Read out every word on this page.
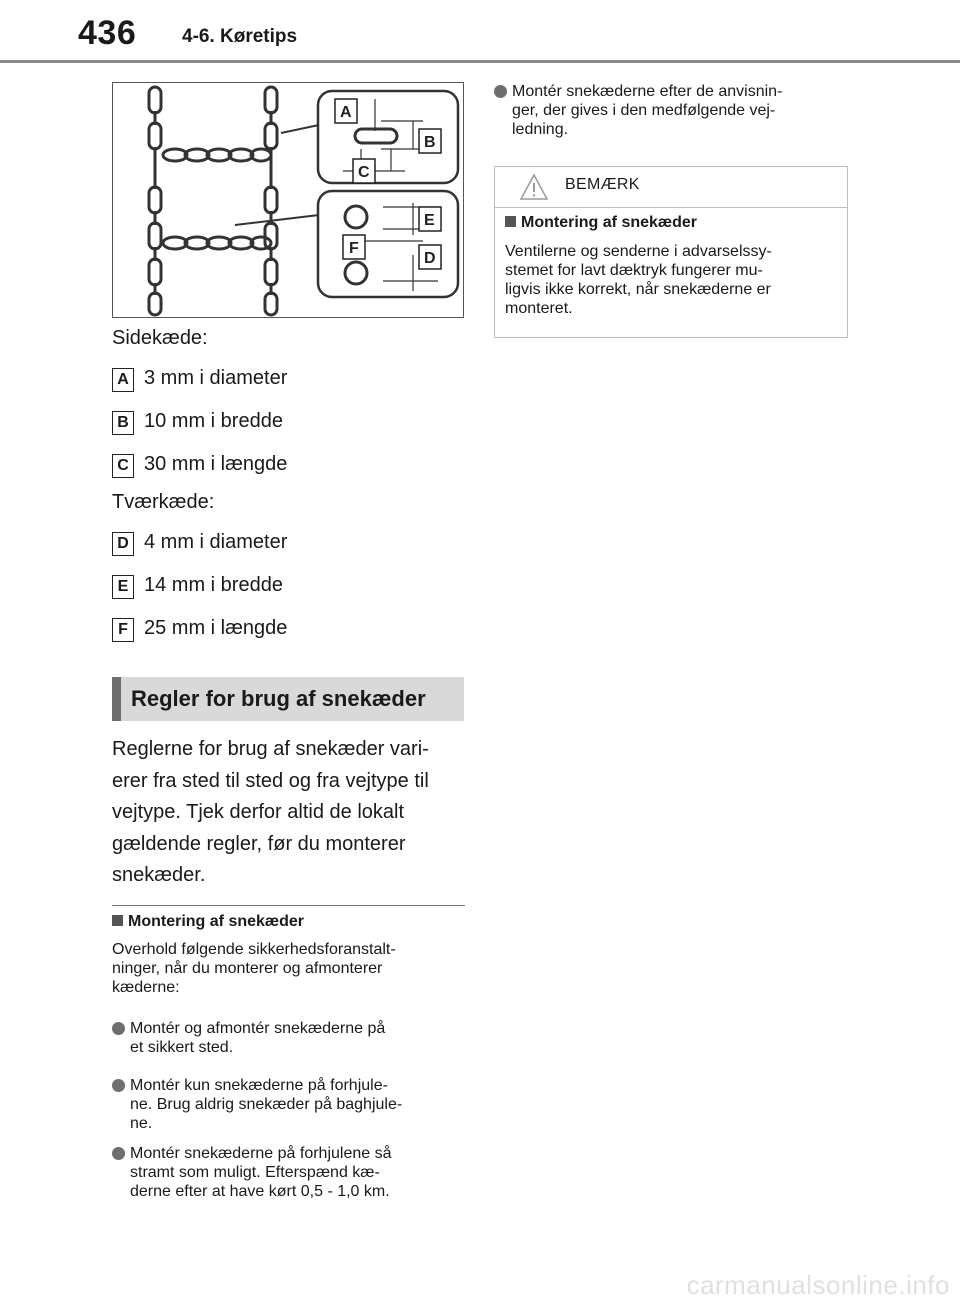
436 4-6. Køretips
A
B
C
E
F
D
Sidekæde:
A 3 mm i diameter
B 10 mm i bredde
C 30 mm i længde
Tværkæde:
D 4 mm i diameter
E 14 mm i bredde
F 25 mm i længde
Regler for brug af snekæder
Reglerne for brug af snekæder vari-
erer fra sted til sted og fra vejtype til
vejtype. Tjek derfor altid de lokalt
gældende regler, før du monterer
snekæder.
Montering af snekæder
Overhold følgende sikkerhedsforanstalt-
ninger, når du monterer og afmonterer
kæderne:
Montér og afmontér snekæderne på
et sikkert sted.
Montér kun snekæderne på forhjule-
ne. Brug aldrig snekæder på baghjule-
ne.
Montér snekæderne på forhjulene så
stramt som muligt. Efterspænd kæ-
derne efter at have kørt 0,5 - 1,0 km.
Montér snekæderne efter de anvisnin-
ger, der gives i den medfølgende vej-
ledning.
BEMÆRK
Montering af snekæder
Ventilerne og senderne i advarselssy-
stemet for lavt dæktryk fungerer mu-
ligvis ikke korrekt, når snekæderne er
monteret.
carmanualsonline.info
